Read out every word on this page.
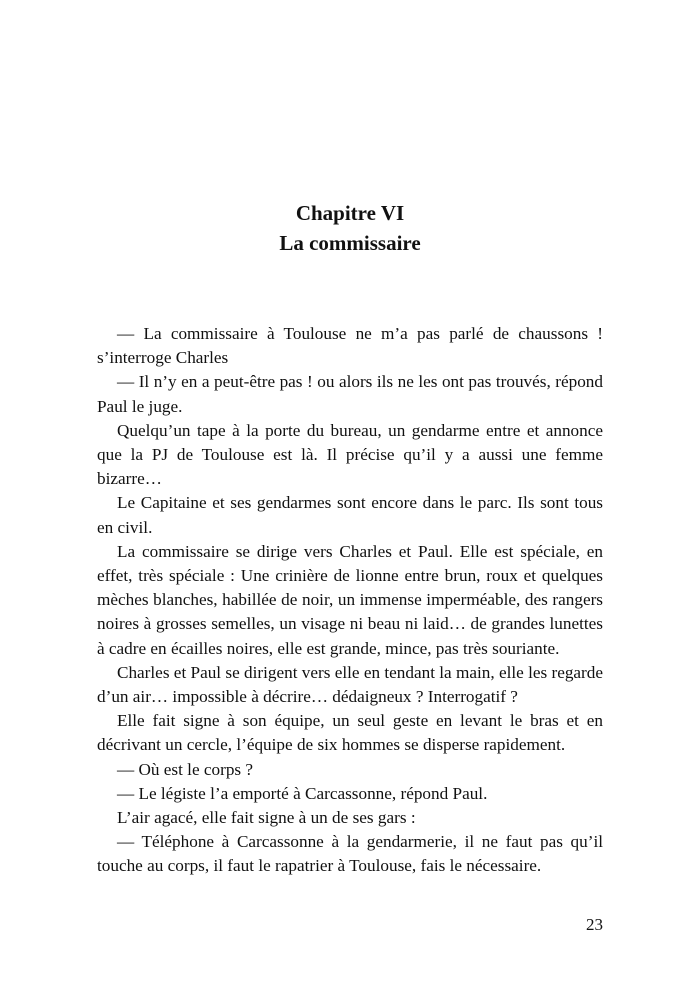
Chapitre VI
La commissaire

— La commissaire à Toulouse ne m’a pas parlé de chaussons ! s’interroge Charles

— Il n’y en a peut-être pas ! ou alors ils ne les ont pas trouvés, répond Paul le juge.

Quelqu’un tape à la porte du bureau, un gendarme entre et annonce que la PJ de Toulouse est là. Il précise qu’il y a aussi une femme bizarre…

Le Capitaine et ses gendarmes sont encore dans le parc. Ils sont tous en civil.

La commissaire se dirige vers Charles et Paul. Elle est spéciale, en effet, très spéciale : Une crinière de lionne entre brun, roux et quelques mèches blanches, habillée de noir, un immense imperméable, des rangers noires à grosses semelles, un visage ni beau ni laid… de grandes lunettes à cadre en écailles noires, elle est grande, mince, pas très souriante.

Charles et Paul se dirigent vers elle en tendant la main, elle les regarde d’un air… impossible à décrire… dédaigneux ? Interrogatif ?

Elle fait signe à son équipe, un seul geste en levant le bras et en décrivant un cercle, l’équipe de six hommes se disperse rapidement.

— Où est le corps ?

— Le légiste l’a emporté à Carcassonne, répond Paul.

L’air agacé, elle fait signe à un de ses gars :

— Téléphone à Carcassonne à la gendarmerie, il ne faut pas qu’il touche au corps, il faut le rapatrier à Toulouse, fais le nécessaire.

23
